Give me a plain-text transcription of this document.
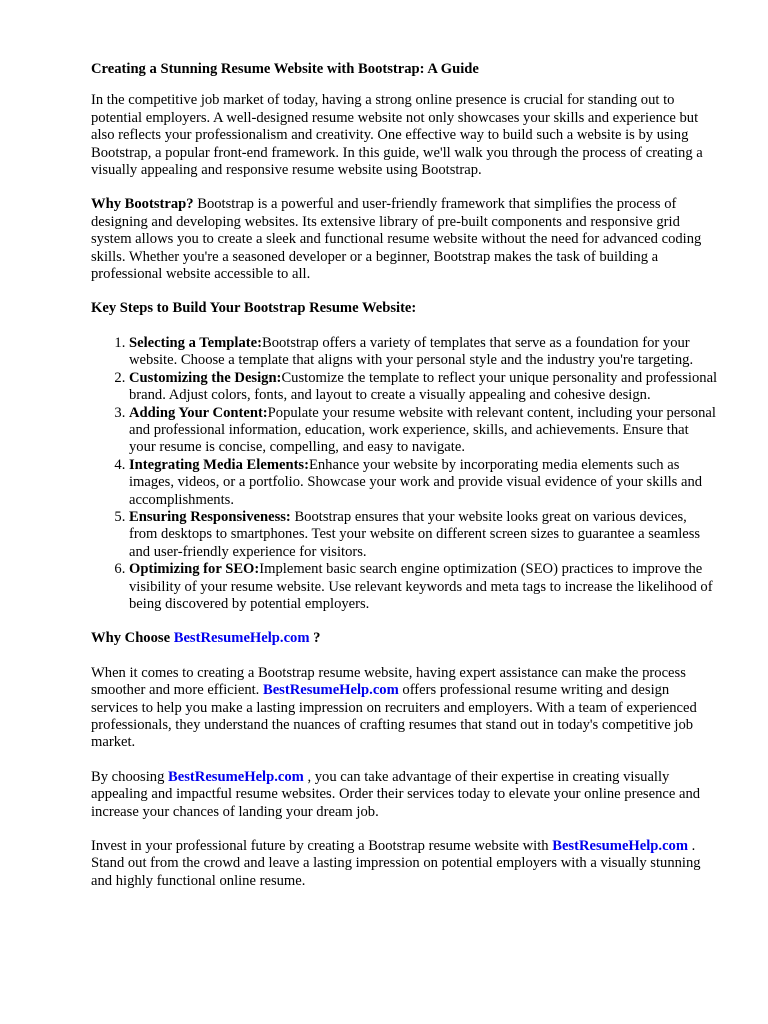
Creating a Stunning Resume Website with Bootstrap: A Guide

In the competitive job market of today, having a strong online presence is crucial for standing out to potential employers. A well-designed resume website not only showcases your skills and experience but also reflects your professionalism and creativity. One effective way to build such a website is by using Bootstrap, a popular front-end framework. In this guide, we'll walk you through the process of creating a visually appealing and responsive resume website using Bootstrap.

Why Bootstrap? Bootstrap is a powerful and user-friendly framework that simplifies the process of designing and developing websites. Its extensive library of pre-built components and responsive grid system allows you to create a sleek and functional resume website without the need for advanced coding skills. Whether you're a seasoned developer or a beginner, Bootstrap makes the task of building a professional website accessible to all.

Key Steps to Build Your Bootstrap Resume Website:
1. Selecting a Template:Bootstrap offers a variety of templates that serve as a foundation for your website. Choose a template that aligns with your personal style and the industry you're targeting.
2. Customizing the Design:Customize the template to reflect your unique personality and professional brand. Adjust colors, fonts, and layout to create a visually appealing and cohesive design.
3. Adding Your Content:Populate your resume website with relevant content, including your personal and professional information, education, work experience, skills, and achievements. Ensure that your resume is concise, compelling, and easy to navigate.
4. Integrating Media Elements:Enhance your website by incorporating media elements such as images, videos, or a portfolio. Showcase your work and provide visual evidence of your skills and accomplishments.
5. Ensuring Responsiveness: Bootstrap ensures that your website looks great on various devices, from desktops to smartphones. Test your website on different screen sizes to guarantee a seamless and user-friendly experience for visitors.
6. Optimizing for SEO:Implement basic search engine optimization (SEO) practices to improve the visibility of your resume website. Use relevant keywords and meta tags to increase the likelihood of being discovered by potential employers.
Why Choose BestResumeHelp.com ?

When it comes to creating a Bootstrap resume website, having expert assistance can make the process smoother and more efficient. BestResumeHelp.com offers professional resume writing and design services to help you make a lasting impression on recruiters and employers. With a team of experienced professionals, they understand the nuances of crafting resumes that stand out in today's competitive job market.

By choosing BestResumeHelp.com , you can take advantage of their expertise in creating visually appealing and impactful resume websites. Order their services today to elevate your online presence and increase your chances of landing your dream job.

Invest in your professional future by creating a Bootstrap resume website with BestResumeHelp.com . Stand out from the crowd and leave a lasting impression on potential employers with a visually stunning and highly functional online resume.
